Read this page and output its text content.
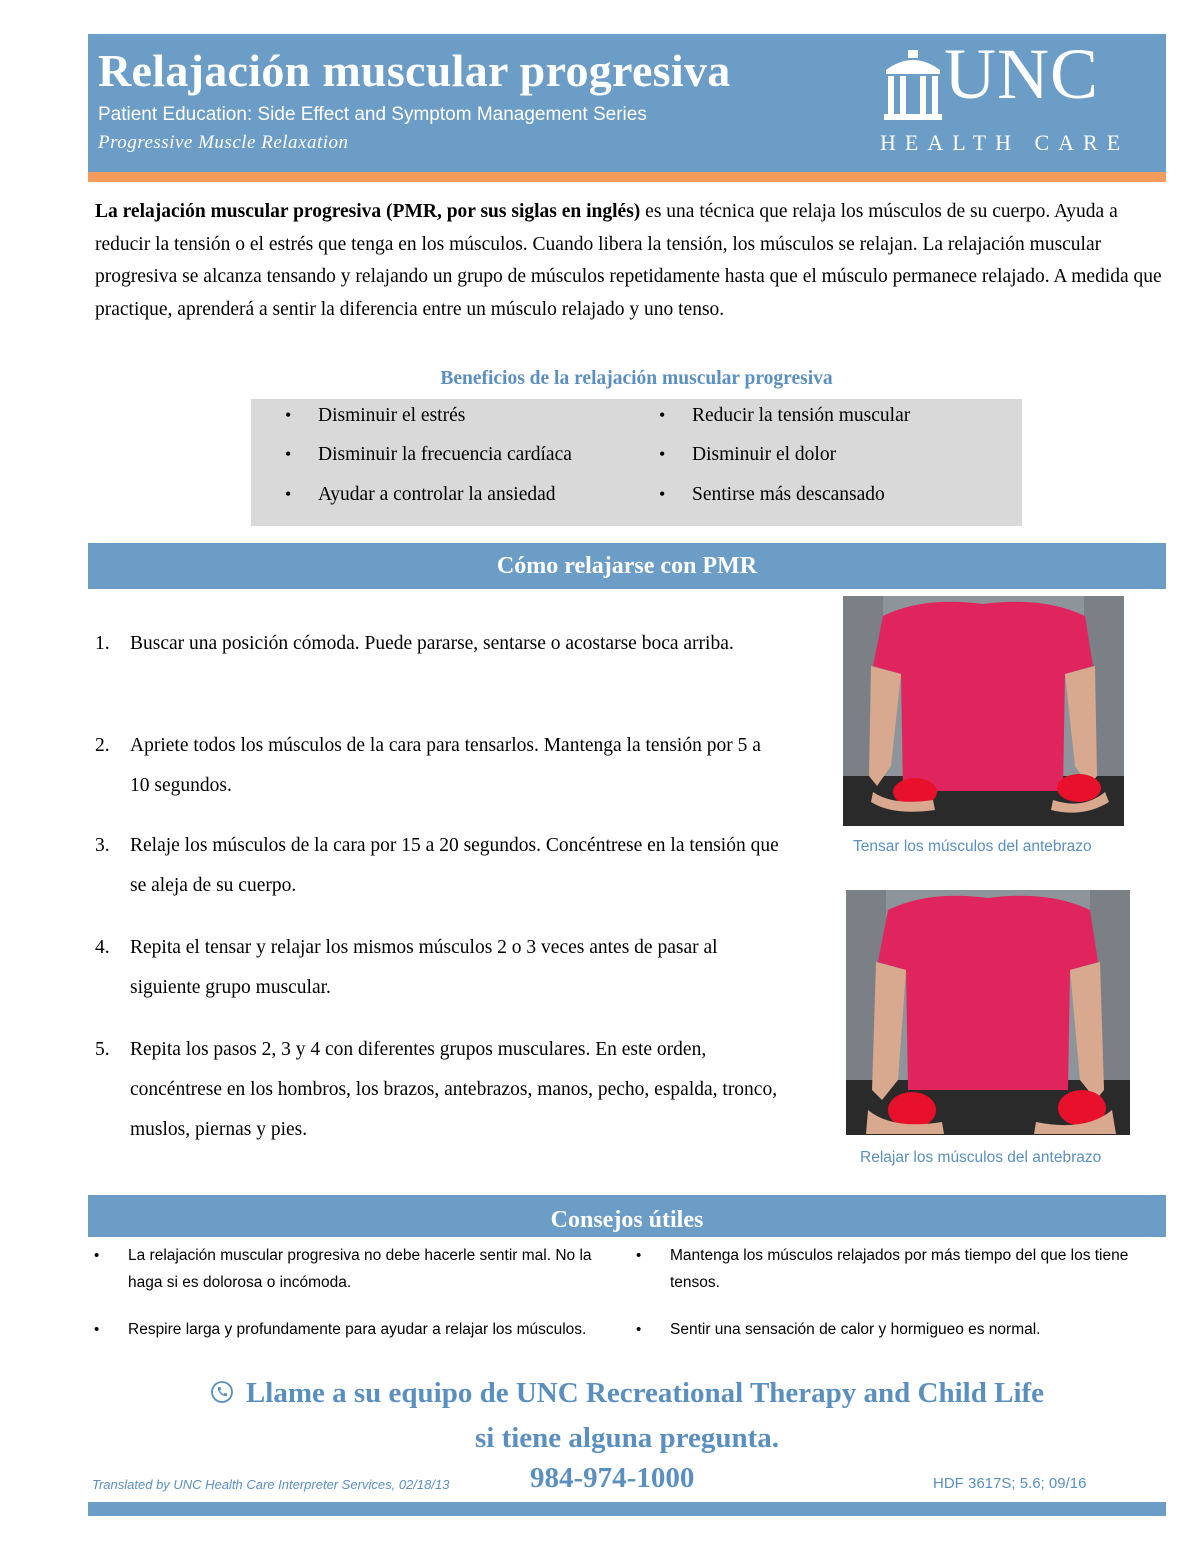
Relajación muscular progresiva
Patient Education: Side Effect and Symptom Management Series
Progressive Muscle Relaxation
UNC
HEALTH CARE
La relajación muscular progresiva (PMR, por sus siglas en inglés) es una técnica que relaja los músculos de su cuerpo. Ayuda a reducir la tensión o el estrés que tenga en los músculos. Cuando libera la tensión, los músculos se relajan. La relajación muscular progresiva se alcanza tensando y relajando un grupo de músculos repetidamente hasta que el músculo permanece relajado. A medida que practique, aprenderá a sentir la diferencia entre un músculo relajado y uno tenso.
Beneficios de la relajación muscular progresiva
• Disminuir el estrés
• Disminuir la frecuencia cardíaca
• Ayudar a controlar la ansiedad
• Reducir la tensión muscular
• Disminuir el dolor
• Sentirse más descansado
Cómo relajarse con PMR
1. Buscar una posición cómoda. Puede pararse, sentarse o acostarse boca arriba.
2. Apriete todos los músculos de la cara para tensarlos. Mantenga la tensión por 5 a 10 segundos.
3. Relaje los músculos de la cara por 15 a 20 segundos. Concéntrese en la tensión que se aleja de su cuerpo.
4. Repita el tensar y relajar los mismos músculos 2 o 3 veces antes de pasar al siguiente grupo muscular.
5. Repita los pasos 2, 3 y 4 con diferentes grupos musculares. En este orden, concéntrese en los hombros, los brazos, antebrazos, manos, pecho, espalda, tronco, muslos, piernas y pies.
Tensar los músculos del antebrazo
Relajar los músculos del antebrazo
Consejos útiles
• La relajación muscular progresiva no debe hacerle sentir mal. No la haga si es dolorosa o incómoda.
• Mantenga los músculos relajados por más tiempo del que los tiene tensos.
• Respire larga y profundamente para ayudar a relajar los músculos.	• Sentir una sensación de calor y hormigueo es normal.
Llame a su equipo de UNC Recreational Therapy and Child Life
si tiene alguna pregunta.
Translated by UNC Health Care Interpreter Services, 02/18/13	984-974-1000	HDF 3617S; 5.6; 09/16
